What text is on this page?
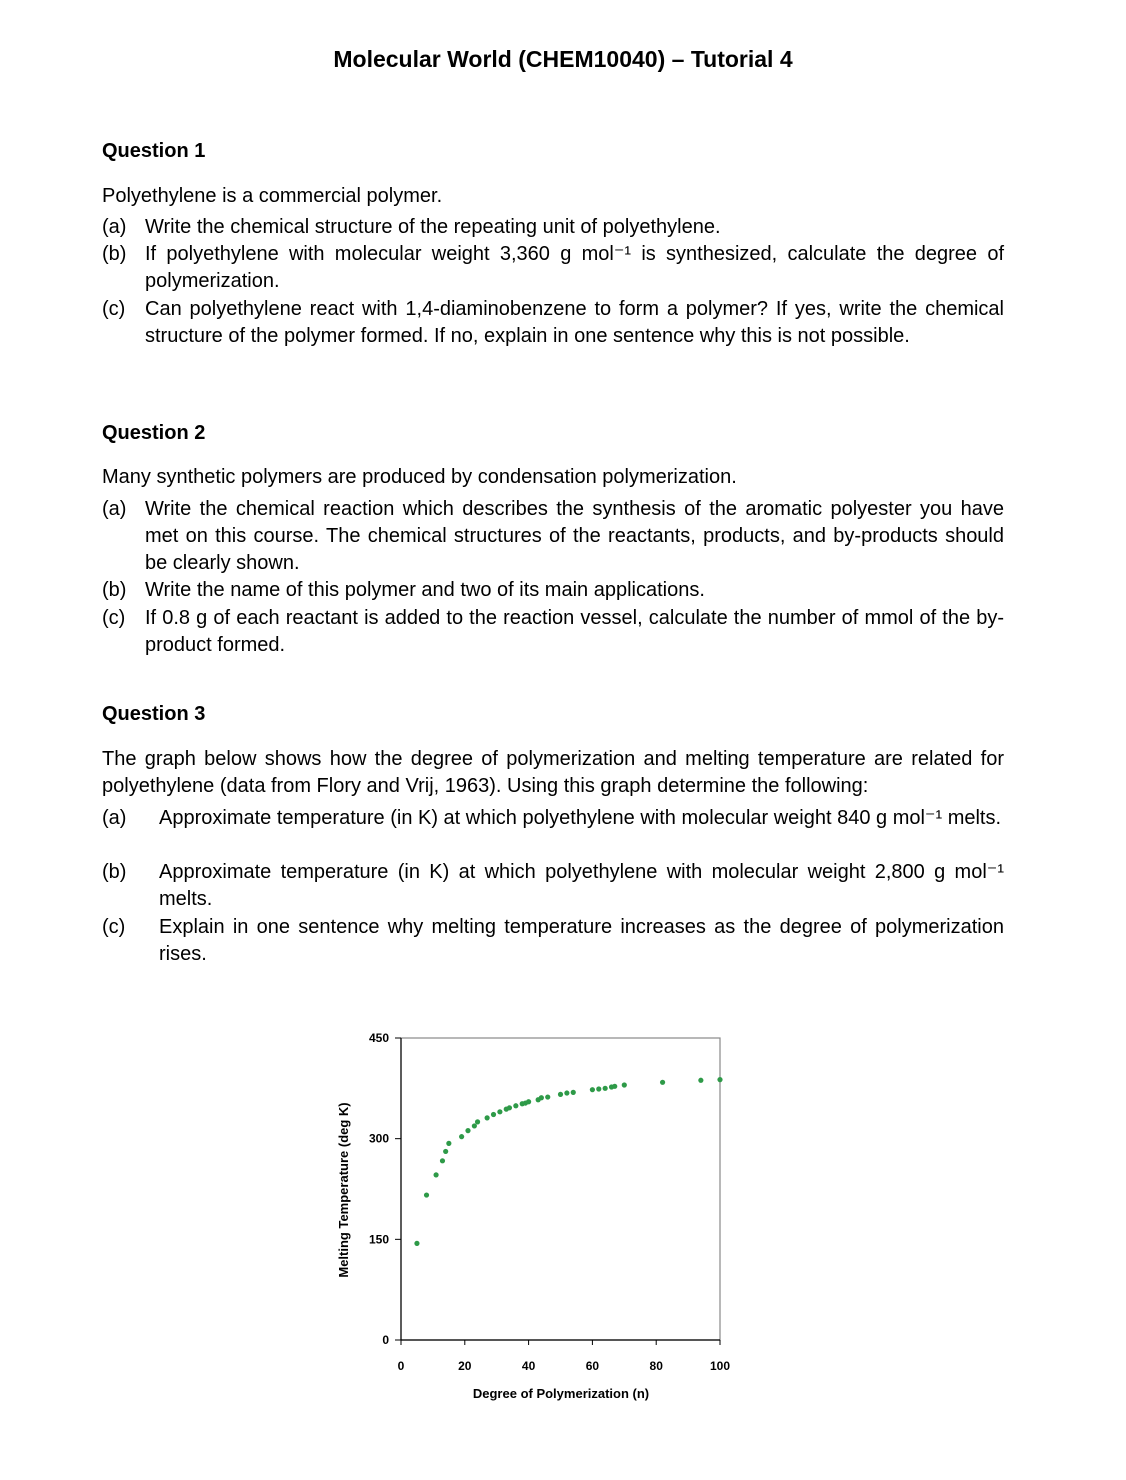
Molecular World (CHEM10040) – Tutorial 4
Question 1
Polyethylene is a commercial polymer.
(a) Write the chemical structure of the repeating unit of polyethylene.
(b) If polyethylene with molecular weight 3,360 g mol⁻¹ is synthesized, calculate the degree of polymerization.
(c) Can polyethylene react with 1,4-diaminobenzene to form a polymer? If yes, write the chemical structure of the polymer formed. If no, explain in one sentence why this is not possible.
Question 2
Many synthetic polymers are produced by condensation polymerization.
(a) Write the chemical reaction which describes the synthesis of the aromatic polyester you have met on this course. The chemical structures of the reactants, products, and by-products should be clearly shown.
(b) Write the name of this polymer and two of its main applications.
(c) If 0.8 g of each reactant is added to the reaction vessel, calculate the number of mmol of the by-product formed.
Question 3
The graph below shows how the degree of polymerization and melting temperature are related for polyethylene (data from Flory and Vrij, 1963). Using this graph determine the following:
(a) Approximate temperature (in K) at which polyethylene with molecular weight 840 g mol⁻¹ melts.
(b) Approximate temperature (in K) at which polyethylene with molecular weight 2,800 g mol⁻¹ melts.
(c) Explain in one sentence why melting temperature increases as the degree of polymerization rises.
0	20	40	60	80	100
0
150
300
450
Degree of Polymerization (n)
Melting Temperature (deg K)
